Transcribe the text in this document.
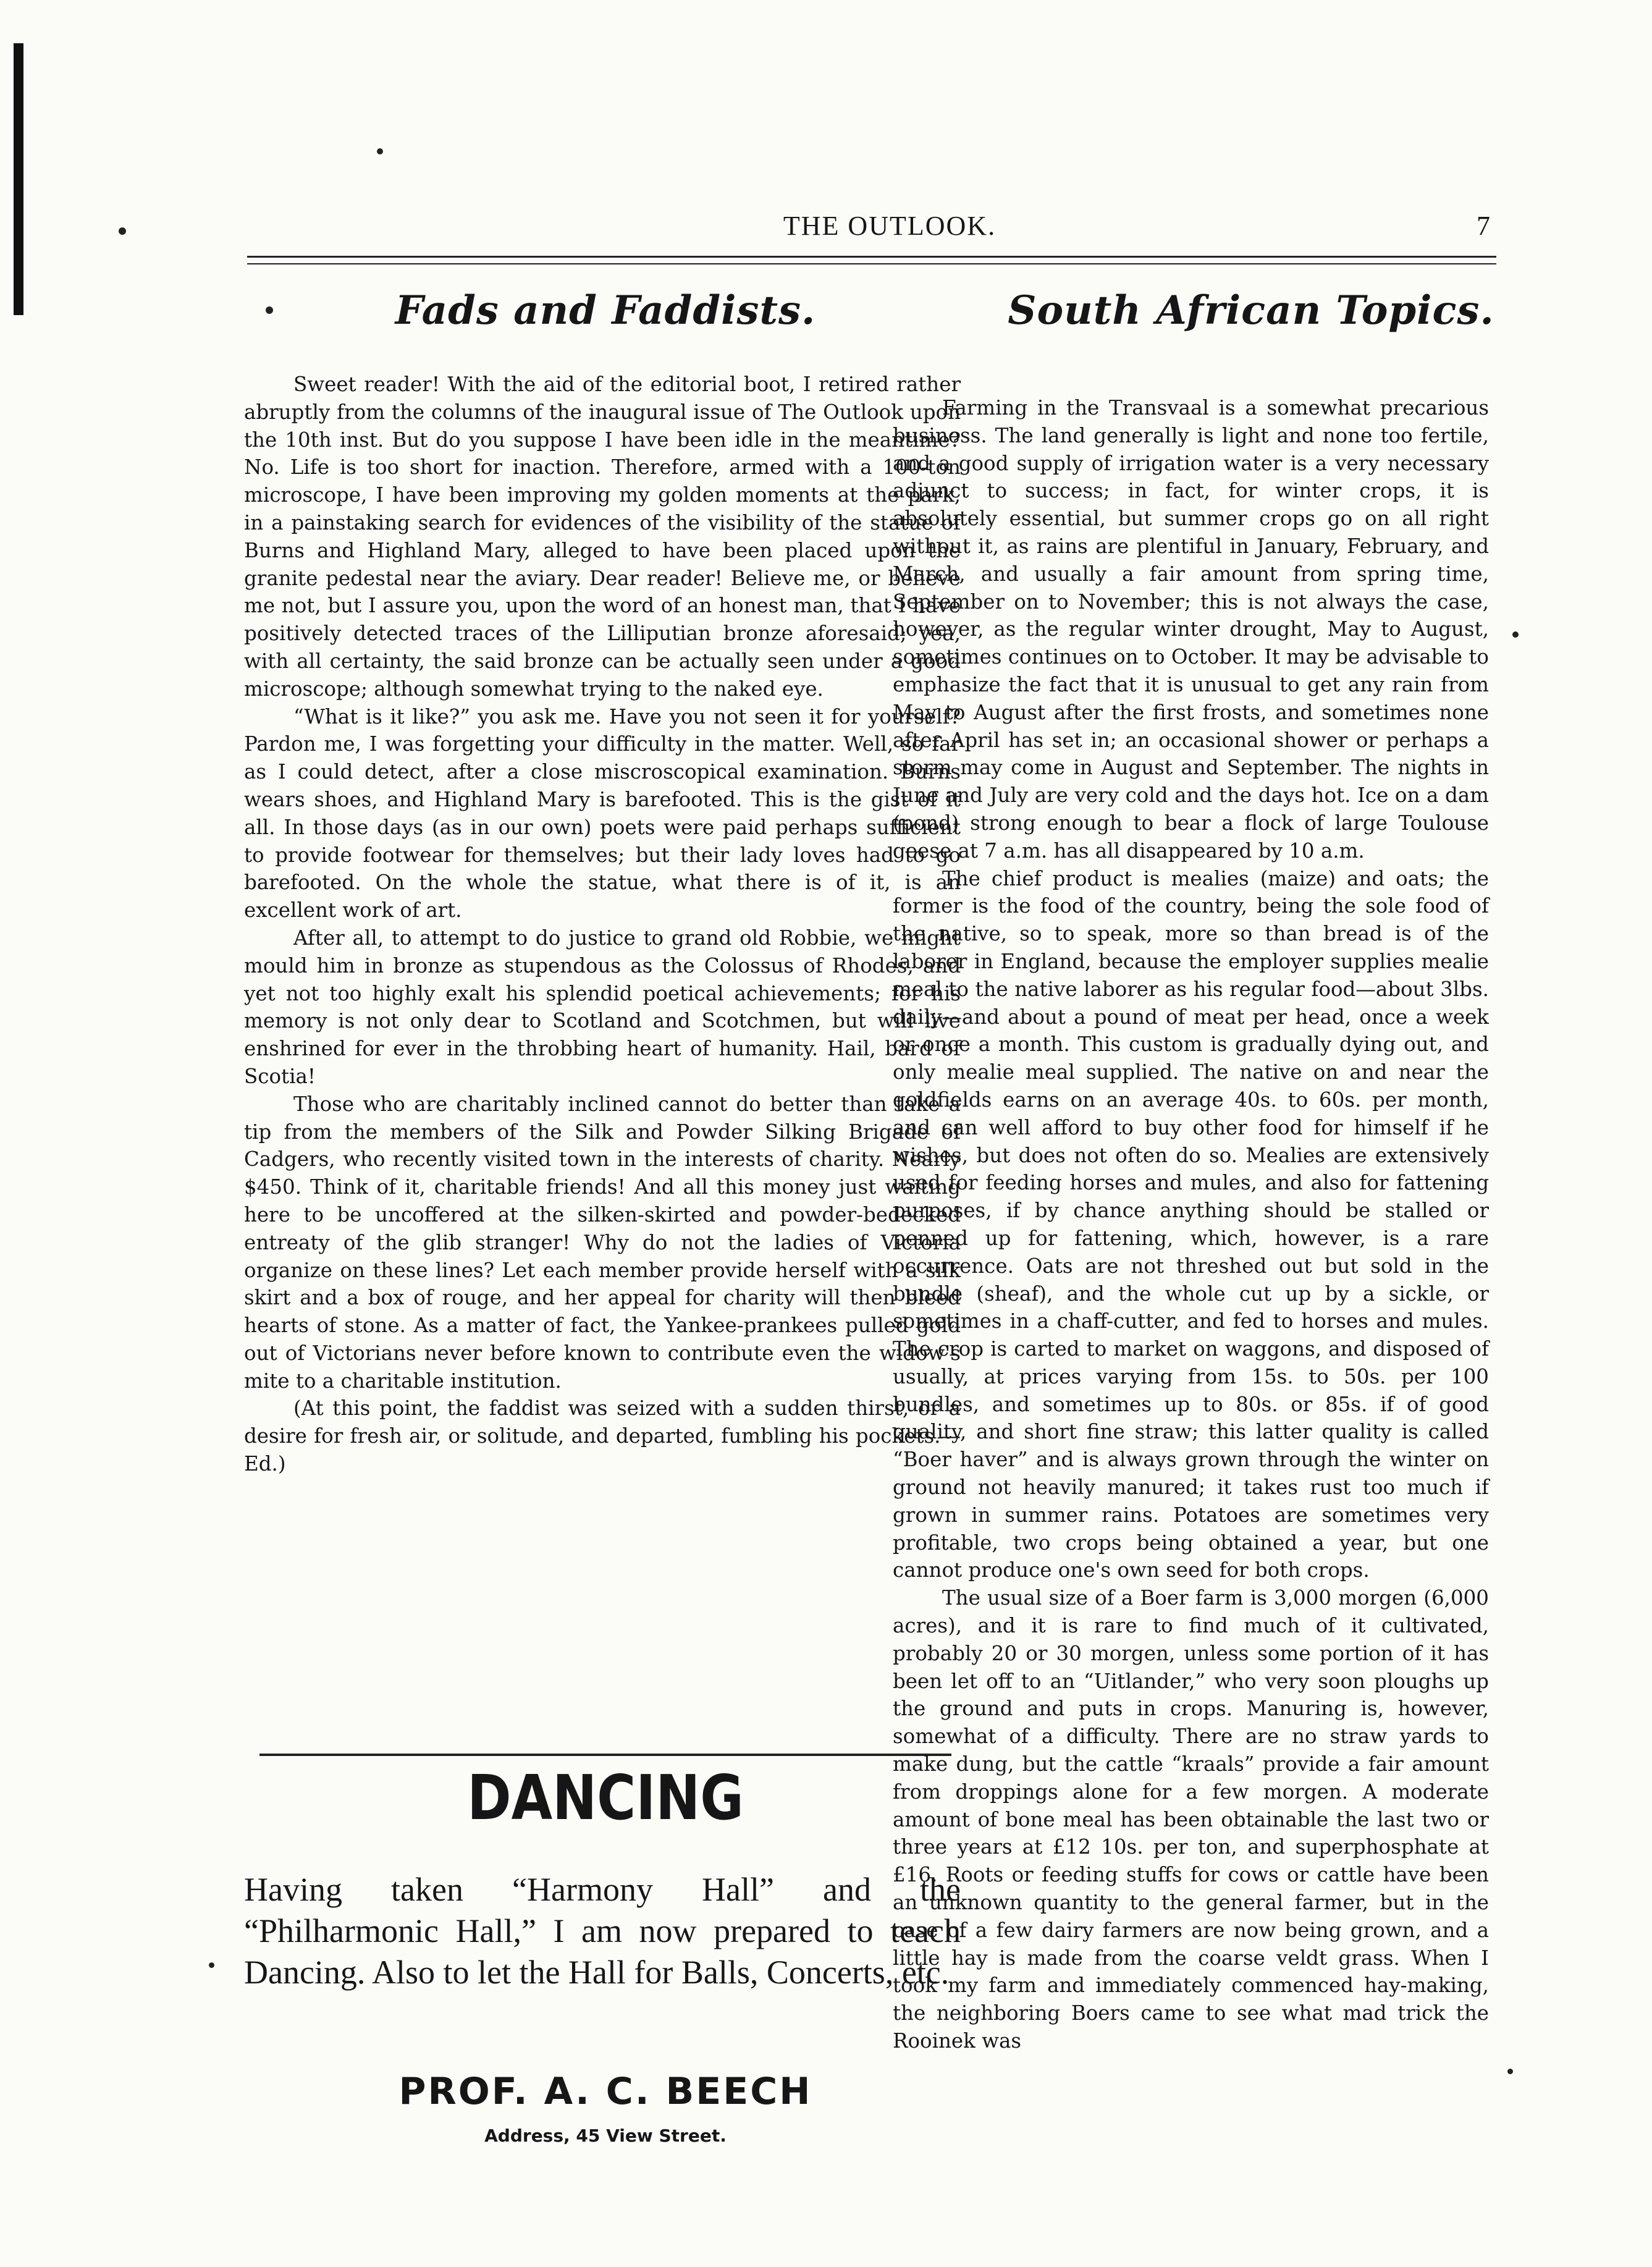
THE OUTLOOK.	7
Fads and Faddists.

Sweet reader! With the aid of the editorial boot, I retired rather abruptly from the columns of the inaugural issue of The Outlook upon the 10th inst. But do you suppose I have been idle in the meantime? No. Life is too short for inaction. Therefore, armed with a 100-ton microscope, I have been improving my golden moments at the park, in a painstaking search for evidences of the visibility of the statue of Burns and Highland Mary, alleged to have been placed upon the granite pedestal near the aviary. Dear reader! Believe me, or believe me not, but I assure you, upon the word of an honest man, that I have positively detected traces of the Lilliputian bronze aforesaid; yea, with all certainty, the said bronze can be actually seen under a good microscope; although somewhat trying to the naked eye.

“What is it like?” you ask me. Have you not seen it for yourself? Pardon me, I was forgetting your difficulty in the matter. Well, so far as I could detect, after a close miscroscopical examination. Burns wears shoes, and Highland Mary is barefooted. This is the gist of it all. In those days (as in our own) poets were paid perhaps sufficient to provide footwear for themselves; but their lady loves had to go barefooted. On the whole the statue, what there is of it, is an excellent work of art.

After all, to attempt to do justice to grand old Robbie, we might mould him in bronze as stupendous as the Colossus of Rhodes, and yet not too highly exalt his splendid poetical achievements; for his memory is not only dear to Scotland and Scotchmen, but will live enshrined for ever in the throbbing heart of humanity. Hail, bard of Scotia!

Those who are charitably inclined cannot do better than take a tip from the members of the Silk and Powder Silking Brigade of Cadgers, who recently visited town in the interests of charity. Nearly $450. Think of it, charitable friends! And all this money just waiting here to be uncoffered at the silken-skirted and powder-bedecked entreaty of the glib stranger! Why do not the ladies of Victoria organize on these lines? Let each member provide herself with a silk skirt and a box of rouge, and her appeal for charity will then bleed hearts of stone. As a matter of fact, the Yankee-prankees pulled gold out of Victorians never before known to contribute even the widow's mite to a charitable institution.

(At this point, the faddist was seized with a sudden thirst, or a desire for fresh air, or solitude, and departed, fumbling his pockets.—Ed.)

DANCING
Having taken “Harmony Hall” and the “Philharmonic Hall,” I am now prepared to teach Dancing. Also to let the Hall for Balls, Concerts, etc.
PROF. A. C. BEECH
Address, 45 View Street.
South African Topics.

Farming in the Transvaal is a somewhat precarious business. The land generally is light and none too fertile, and a good supply of irrigation water is a very necessary adjunct to success; in fact, for winter crops, it is absolutely essential, but summer crops go on all right without it, as rains are plentiful in January, February, and March, and usually a fair amount from spring time, September on to November; this is not always the case, however, as the regular winter drought, May to August, sometimes continues on to October. It may be advisable to emphasize the fact that it is unusual to get any rain from May to August after the first frosts, and sometimes none after April has set in; an occasional shower or perhaps a storm may come in August and September. The nights in June and July are very cold and the days hot. Ice on a dam (pond) strong enough to bear a flock of large Toulouse geese at 7 a.m. has all disappeared by 10 a.m.

The chief product is mealies (maize) and oats; the former is the food of the country, being the sole food of the native, so to speak, more so than bread is of the laborer in England, because the employer supplies mealie meal to the native laborer as his regular food—about 3lbs. daily—and about a pound of meat per head, once a week or once a month. This custom is gradually dying out, and only mealie meal supplied. The native on and near the goldfields earns on an average 40s. to 60s. per month, and can well afford to buy other food for himself if he wishes, but does not often do so. Mealies are extensively used for feeding horses and mules, and also for fattening purposes, if by chance anything should be stalled or penned up for fattening, which, however, is a rare occurrence. Oats are not threshed out but sold in the bundle (sheaf), and the whole cut up by a sickle, or sometimes in a chaff-cutter, and fed to horses and mules. The crop is carted to market on waggons, and disposed of usually, at prices varying from 15s. to 50s. per 100 bundles, and sometimes up to 80s. or 85s. if of good quality, and short fine straw; this latter quality is called “Boer haver” and is always grown through the winter on ground not heavily manured; it takes rust too much if grown in summer rains. Potatoes are sometimes very profitable, two crops being obtained a year, but one cannot produce one's own seed for both crops.

The usual size of a Boer farm is 3,000 morgen (6,000 acres), and it is rare to find much of it cultivated, probably 20 or 30 morgen, unless some portion of it has been let off to an “Uitlander,” who very soon ploughs up the ground and puts in crops. Manuring is, however, somewhat of a difficulty. There are no straw yards to make dung, but the cattle “kraals” provide a fair amount from droppings alone for a few morgen. A moderate amount of bone meal has been obtainable the last two or three years at £12 10s. per ton, and superphosphate at £16. Roots or feeding stuffs for cows or cattle have been an unknown quantity to the general farmer, but in the case of a few dairy farmers are now being grown, and a little hay is made from the coarse veldt grass. When I took my farm and immediately commenced hay-making, the neighboring Boers came to see what mad trick the Rooinek was
